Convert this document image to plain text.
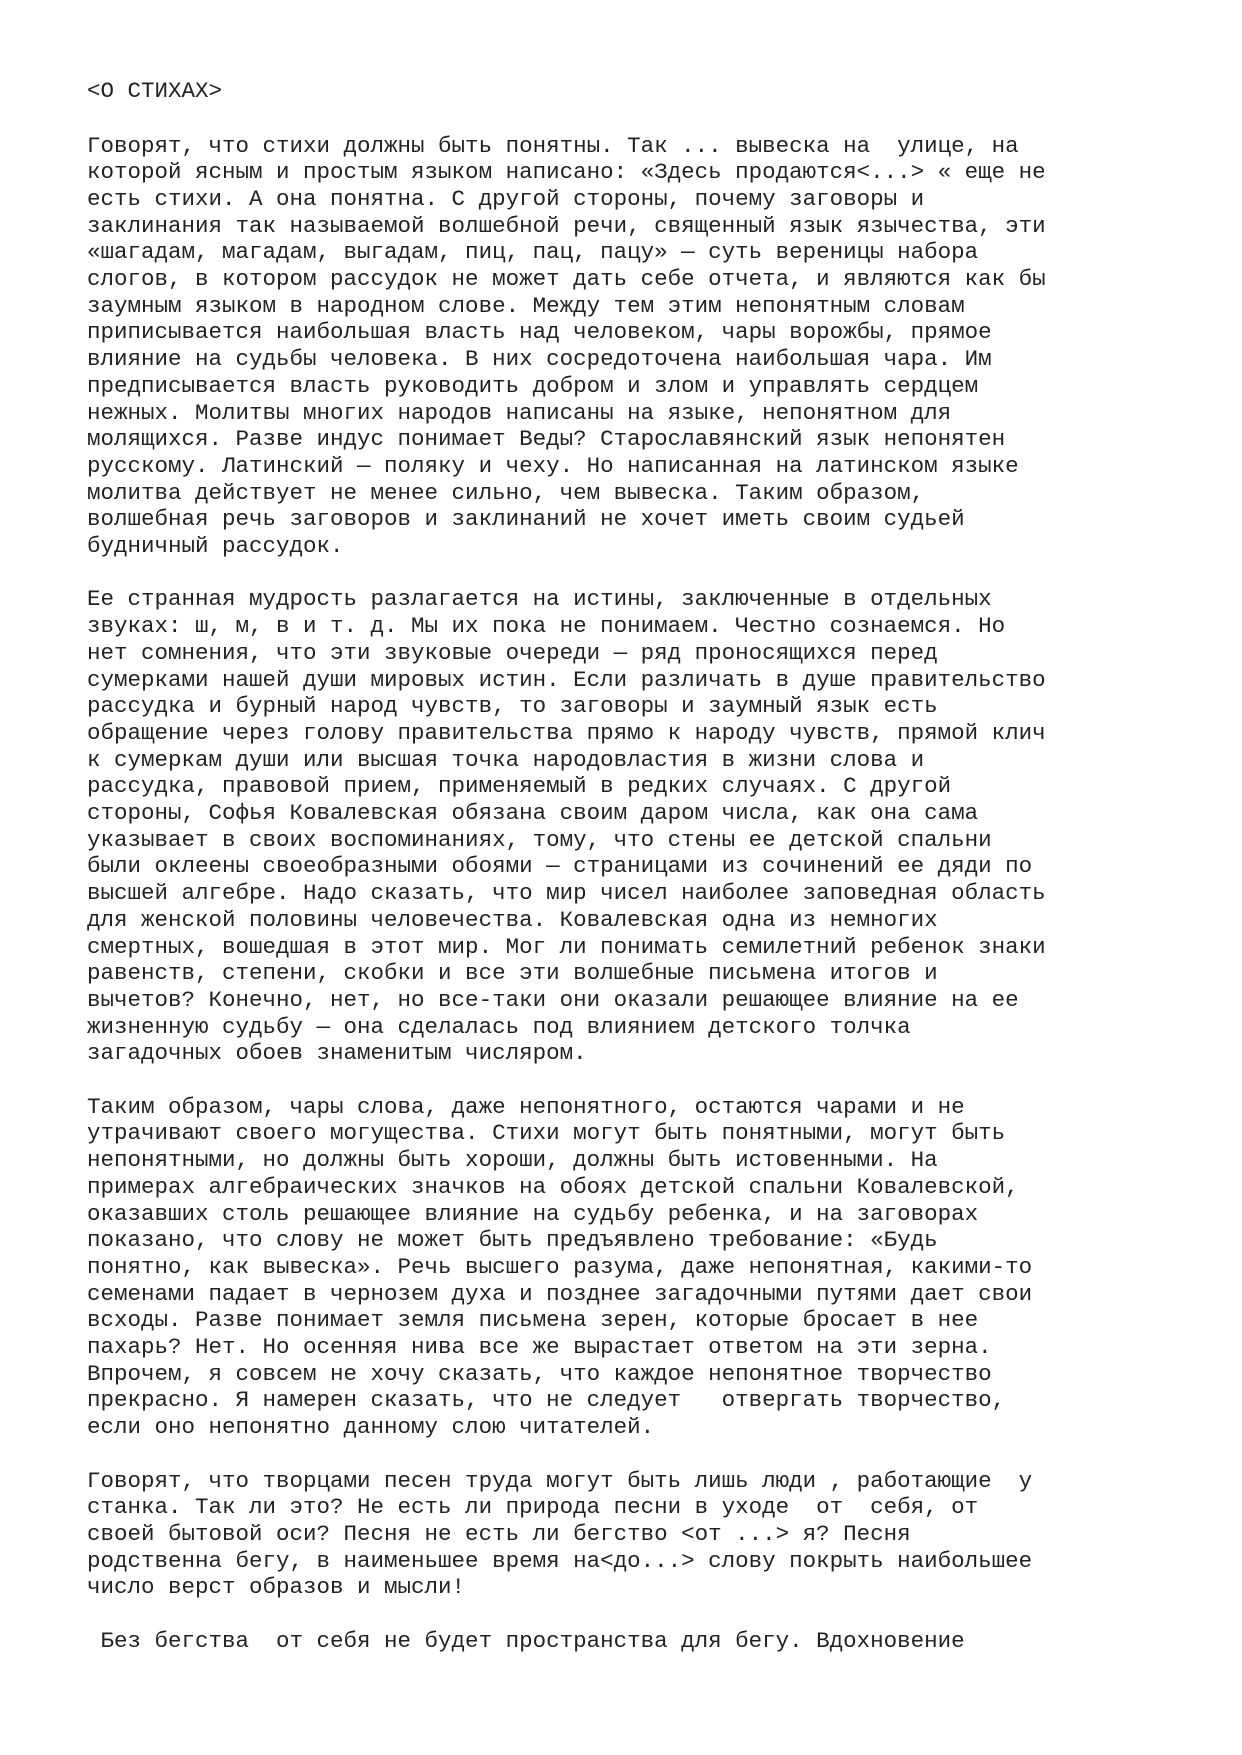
<О СТИХАХ>
Говорят, что стихи должны быть понятны. Так ... вывеска на  улице, на
которой ясным и простым языком написано: «Здесь продаются<...> « еще не
есть стихи. А она понятна. С другой стороны, почему заговоры и
заклинания так называемой волшебной речи, священный язык язычества, эти
«шагадам, магадам, выгадам, пиц, пац, пацу» — суть вереницы набора
слогов, в котором рассудок не может дать себе отчета, и являются как бы
заумным языком в народном слове. Между тем этим непонятным словам
приписывается наибольшая власть над человеком, чары ворожбы, прямое
влияние на судьбы человека. В них сосредоточена наибольшая чара. Им
предписывается власть руководить добром и злом и управлять сердцем
нежных. Молитвы многих народов написаны на языке, непонятном для
молящихся. Разве индус понимает Веды? Старославянский язык непонятен
русскому. Латинский — поляку и чеху. Но написанная на латинском языке
молитва действует не менее сильно, чем вывеска. Таким образом,
волшебная речь заговоров и заклинаний не хочет иметь своим судьей
будничный рассудок.
Ее странная мудрость разлагается на истины, заключенные в отдельных
звуках: ш, м, в и т. д. Мы их пока не понимаем. Честно сознаемся. Но
нет сомнения, что эти звуковые очереди — ряд проносящихся перед
сумерками нашей души мировых истин. Если различать в душе правительство
рассудка и бурный народ чувств, то заговоры и заумный язык есть
обращение через голову правительства прямо к народу чувств, прямой клич
к сумеркам души или высшая точка народовластия в жизни слова и
рассудка, правовой прием, применяемый в редких случаях. С другой
стороны, Софья Ковалевская обязана своим даром числа, как она сама
указывает в своих воспоминаниях, тому, что стены ее детской спальни
были оклеены своеобразными обоями — страницами из сочинений ее дяди по
высшей алгебре. Надо сказать, что мир чисел наиболее заповедная область
для женской половины человечества. Ковалевская одна из немногих
смертных, вошедшая в этот мир. Мог ли понимать семилетний ребенок знаки
равенств, степени, скобки и все эти волшебные письмена итогов и
вычетов? Конечно, нет, но все-таки они оказали решающее влияние на ее
жизненную судьбу — она сделалась под влиянием детского толчка
загадочных обоев знаменитым числяром.
Таким образом, чары слова, даже непонятного, остаются чарами и не
утрачивают своего могущества. Стихи могут быть понятными, могут быть
непонятными, но должны быть хороши, должны быть истовенными. На
примерах алгебраических значков на обоях детской спальни Ковалевской,
оказавших столь решающее влияние на судьбу ребенка, и на заговорах
показано, что слову не может быть предъявлено требование: «Будь
понятно, как вывеска». Речь высшего разума, даже непонятная, какими-то
семенами падает в чернозем духа и позднее загадочными путями дает свои
всходы. Разве понимает земля письмена зерен, которые бросает в нее
пахарь? Нет. Но осенняя нива все же вырастает ответом на эти зерна.
Впрочем, я совсем не хочу сказать, что каждое непонятное творчество
прекрасно. Я намерен сказать, что не следует   отвергать творчество,
если оно непонятно данному слою читателей.
Говорят, что творцами песен труда могут быть лишь люди , работающие  у
станка. Так ли это? Не есть ли природа песни в уходе  от  себя, от
своей бытовой оси? Песня не есть ли бегство <от ...> я? Песня
родственна бегу, в наименьшее время на<до...> слову покрыть наибольшее
число верст образов и мысли!
Без бегства  от себя не будет пространства для бегу. Вдохновение
